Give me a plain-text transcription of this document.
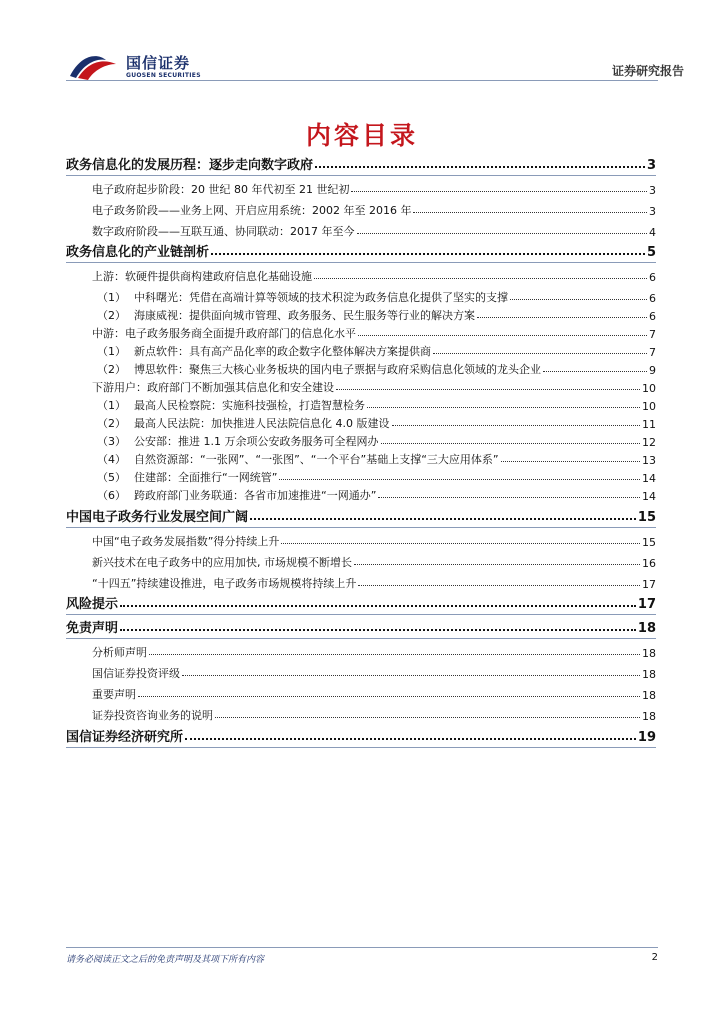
国信证券
GUOSEN SECURITIES	证券研究报告
内容目录
政务信息化的发展历程：逐步走向数字政府	3
电子政府起步阶段：20 世纪 80 年代初至 21 世纪初	3
电子政务阶段——业务上网、开启应用系统：2002 年至 2016 年	3
数字政府阶段——互联互通、协同联动：2017 年至今	4
政务信息化的产业链剖析	5
上游：软硬件提供商构建政府信息化基础设施	6
（1） 中科曙光：凭借在高端计算等领域的技术积淀为政务信息化提供了坚实的支撑	6
（2） 海康威视：提供面向城市管理、政务服务、民生服务等行业的解决方案	6
中游：电子政务服务商全面提升政府部门的信息化水平	7
（1） 新点软件：具有高产品化率的政企数字化整体解决方案提供商	7
（2） 博思软件：聚焦三大核心业务板块的国内电子票据与政府采购信息化领域的龙头企业	9
下游用户：政府部门不断加强其信息化和安全建设	10
（1） 最高人民检察院：实施科技强检，打造智慧检务	10
（2） 最高人民法院：加快推进人民法院信息化 4.0 版建设	11
（3） 公安部：推进 1.1 万余项公安政务服务可全程网办	12
（4） 自然资源部：“一张网”、“一张图”、“一个平台”基础上支撑“三大应用体系”	13
（5） 住建部：全面推行“一网统管”	14
（6） 跨政府部门业务联通：各省市加速推进“一网通办”	14
中国电子政务行业发展空间广阔	15
中国“电子政务发展指数”得分持续上升	15
新兴技术在电子政务中的应用加快, 市场规模不断增长	16
“十四五”持续建设推进，电子政务市场规模将持续上升	17
风险提示	17
免责声明	18
分析师声明	18
国信证券投资评级	18
重要声明	18
证券投资咨询业务的说明	18
国信证券经济研究所	19
请务必阅读正文之后的免责声明及其项下所有内容	2
